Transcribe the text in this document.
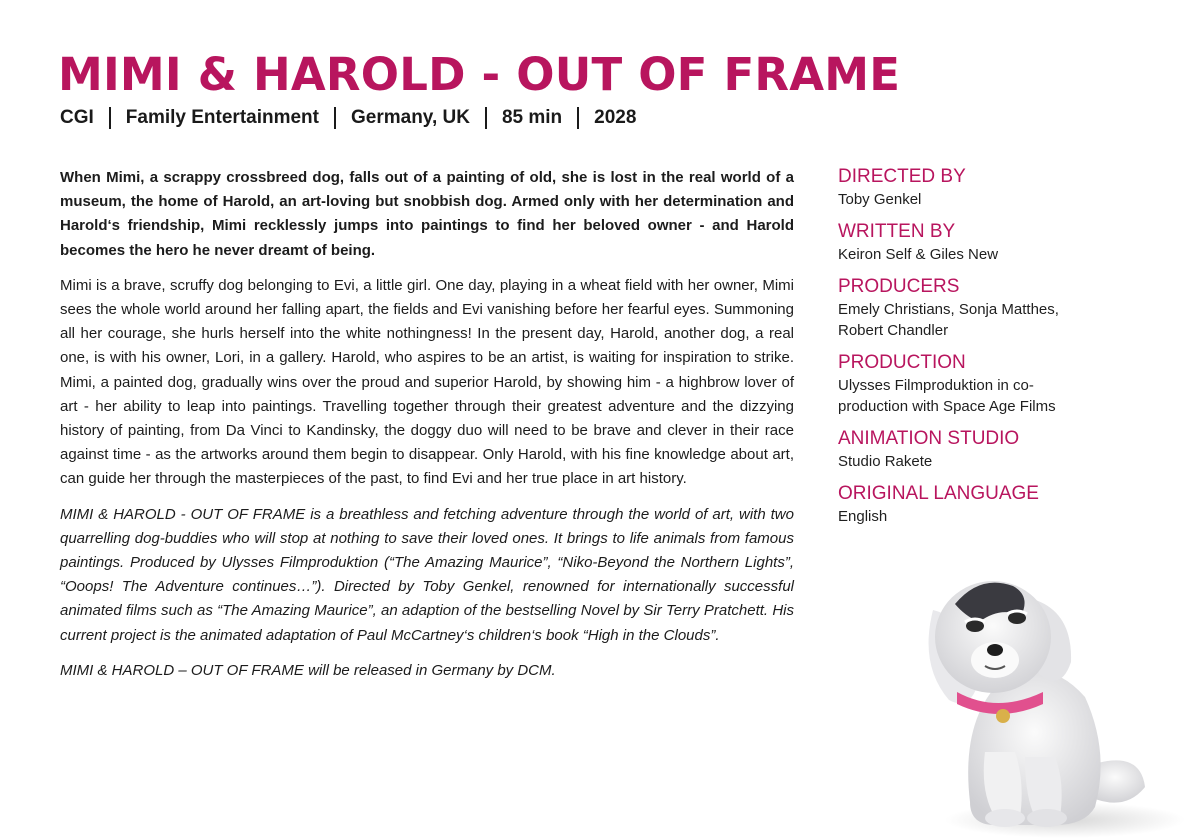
MIMI & HAROLD - OUT OF FRAME
CGI Family Entertainment Germany, UK 85 min 2028

When Mimi, a scrappy crossbreed dog, falls out of a painting of old, she is lost in the real world of a museum, the home of Harold, an art-loving but snobbish dog. Armed only with her determination and Harold‘s friendship, Mimi recklessly jumps into paintings to find her beloved owner - and Harold becomes the hero he never dreamt of being.

Mimi is a brave, scruffy dog belonging to Evi, a little girl. One day, playing in a wheat field with her owner, Mimi sees the whole world around her falling apart, the fields and Evi vanishing before her fearful eyes. Summoning all her courage, she hurls herself into the white nothingness! In the present day, Harold, another dog, a real one, is with his owner, Lori, in a gallery. Harold, who aspires to be an artist, is waiting for inspiration to strike. Mimi, a painted dog, gradually wins over the proud and superior Harold, by showing him - a highbrow lover of art - her ability to leap into paintings. Travelling together through their greatest adventure and the dizzying history of painting, from Da Vinci to Kandinsky, the doggy duo will need to be brave and clever in their race against time - as the artworks around them begin to disappear. Only Harold, with his fine knowledge about art, can guide her through the masterpieces of the past, to find Evi and her true place in art history.

MIMI & HAROLD - OUT OF FRAME is a breathless and fetching adventure through the world of art, with two quarrelling dog-buddies who will stop at nothing to save their loved ones. It brings to life animals from famous paintings. Produced by Ulysses Filmproduktion (“The Amazing Maurice”, “Niko-Beyond the Northern Lights”, “Ooops! The Adventure continues…”). Directed by Toby Genkel, renowned for internationally successful animated films such as “The Amazing Maurice”, an adaption of the bestselling Novel by Sir Terry Pratchett. His current project is the animated adaptation of Paul McCartney‘s children‘s book “High in the Clouds”.

MIMI & HAROLD – OUT OF FRAME will be released in Germany by DCM.

DIRECTED BY
Toby Genkel
WRITTEN BY
Keiron Self & Giles New
PRODUCERS
Emely Christians, Sonja Matthes, Robert Chandler
PRODUCTION
Ulysses Filmproduktion in co-production with Space Age Films
ANIMATION STUDIO
Studio Rakete
ORIGINAL LANGUAGE
English
